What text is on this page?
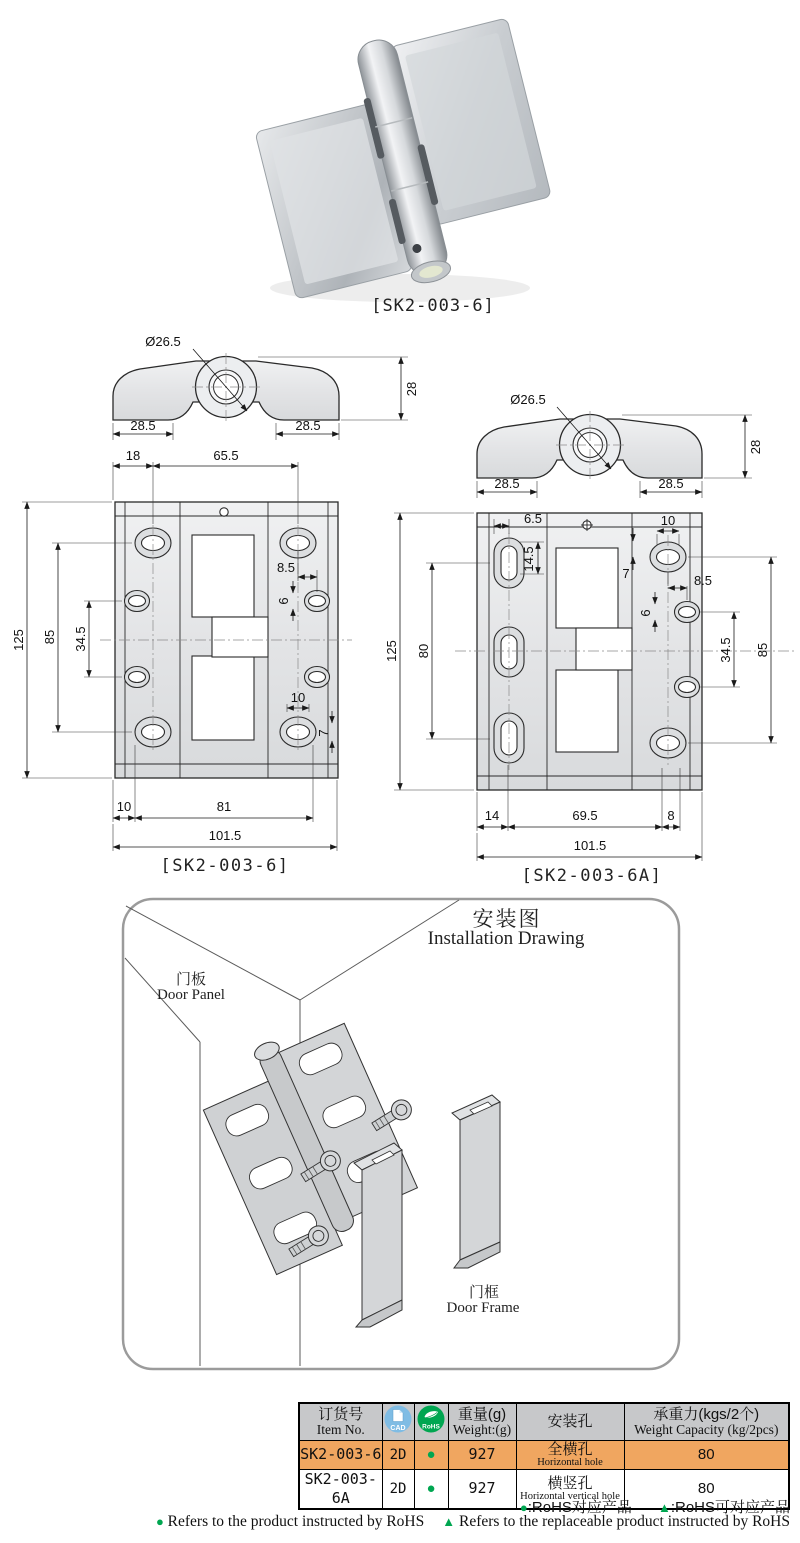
[SK2-003-6]
Ø26.5
28
28.5	28.5
18	65.5
125 85 34.5
8.5
6
10
7
10	81
101.5
[SK2-003-6]
Ø26.5
28
28.5	28.5
125 80
6.5
14.5
10
7	8.5
6
34.5 85
14	69.5	8
101.5
[SK2-003-6A]
安装图
Installation Drawing
门板
Door Panel
门框
Door Frame
订货号
Item No.	CAD	RoHS

重量(g)
Weight:(g)	安装孔	承重力(kgs/2个)
Weight Capacity (kg/2pcs)

SK2-003-6	2D	●	927	全横孔
Horizontal hole	80
SK2-003-6A	2D	●	927	横竖孔
Horizontal vertical hole	80
●:RoHS对应产品 ▲:RoHS可对应产品
● Refers to the product instructed by RoHS ▲ Refers to the replaceable product instructed by RoHS
